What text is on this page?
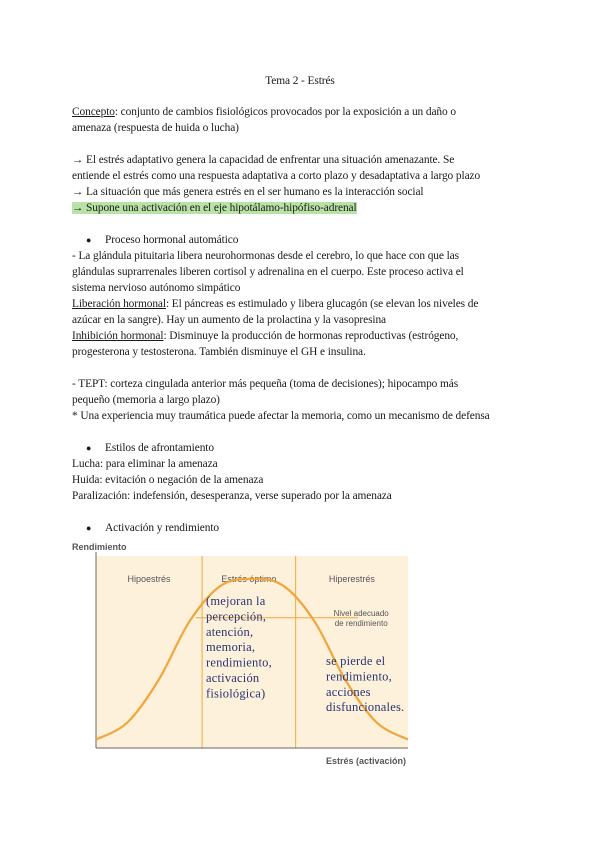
Tema 2 - Estrés
Concepto: conjunto de cambios fisiológicos provocados por la exposición a un daño o
amenaza (respuesta de huida o lucha)
→ El estrés adaptativo genera la capacidad de enfrentar una situación amenazante. Se
entiende el estrés como una respuesta adaptativa a corto plazo y desadaptativa a largo plazo
→ La situación que más genera estrés en el ser humano es la interacción social
→ Supone una activación en el eje hipotálamo-hipófiso-adrenal
● Proceso hormonal automático
- La glándula pituitaria libera neurohormonas desde el cerebro, lo que hace con que las
glándulas suprarrenales liberen cortisol y adrenalina en el cuerpo. Este proceso activa el
sistema nervioso autónomo simpático
Liberación hormonal: El páncreas es estimulado y libera glucagón (se elevan los niveles de
azúcar en la sangre). Hay un aumento de la prolactina y la vasopresina
Inhibición hormonal: Disminuye la producción de hormonas reproductivas (estrógeno,
progesterona y testosterona. También disminuye el GH e insulina.
- TEPT: corteza cingulada anterior más pequeña (toma de decisiones); hipocampo más
pequeño (memoria a largo plazo)
* Una experiencia muy traumática puede afectar la memoria, como un mecanismo de defensa
● Estilos de afrontamiento
Lucha: para eliminar la amenaza
Huida: evitación o negación de la amenaza
Paralización: indefensión, desesperanza, verse superado por la amenaza
● Activación y rendimiento
Rendimiento
Estrés (activación)
Hipoestrés	Estrés óptimo	Hiperestrés
Nivel adecuado
de rendimiento
(mejoran la
percepción,
atención,
memoria,
rendimiento,
activación
fisiológica)
se pierde el
rendimiento,
acciones
disfuncionales.
